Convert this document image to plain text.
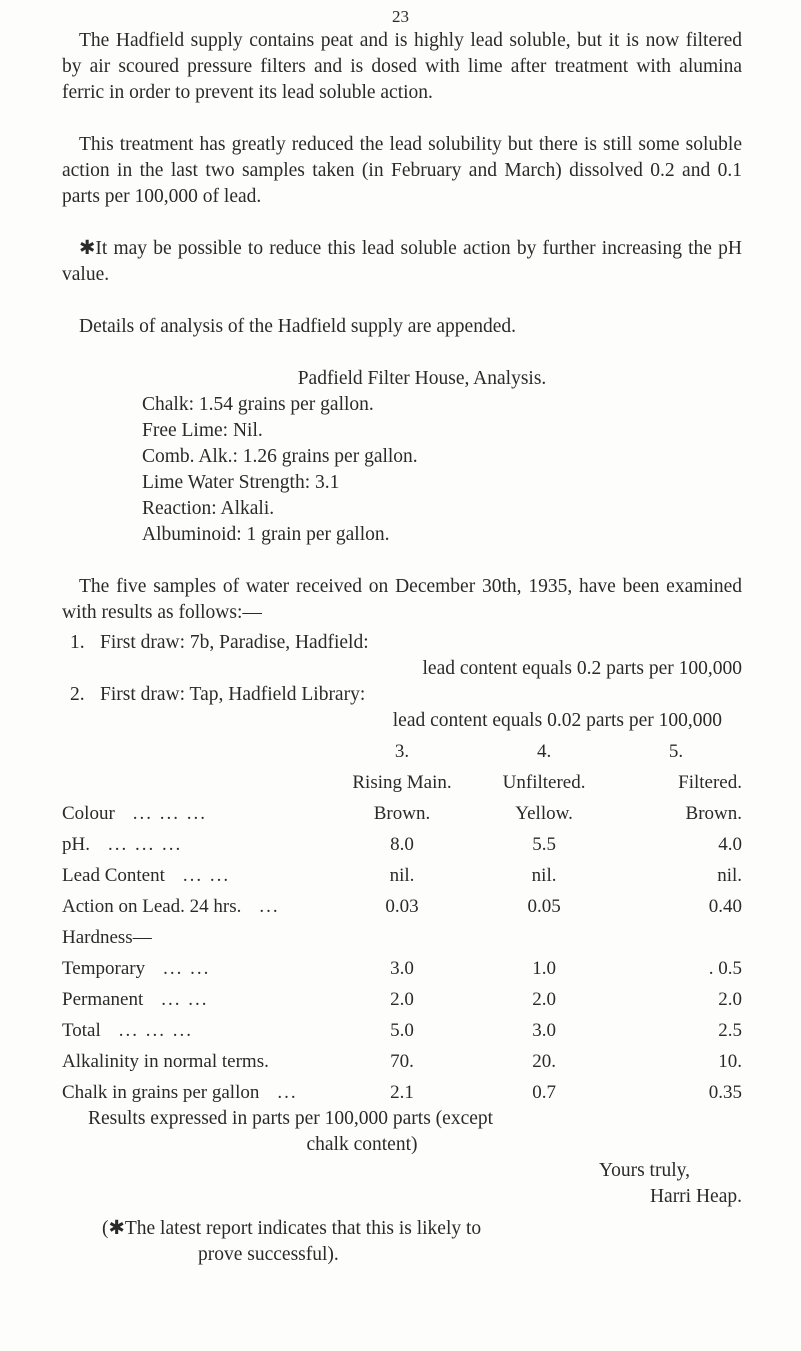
23

The Hadfield supply contains peat and is highly lead soluble, but it is now filtered by air scoured pressure filters and is dosed with lime after treatment with alumina ferric in order to prevent its lead soluble action.

This treatment has greatly reduced the lead solubility but there is still some soluble action in the last two samples taken (in February and March) dissolved 0.2 and 0.1 parts per 100,000 of lead.

✱It may be possible to reduce this lead soluble action by further increasing the pH value.

Details of analysis of the Hadfield supply are appended.

Padfield Filter House, Analysis.

Chalk: 1.54 grains per gallon.

Free Lime: Nil.

Comb. Alk.: 1.26 grains per gallon.

Lime Water Strength: 3.1

Reaction: Alkali.

Albuminoid: 1 grain per gallon.

The five samples of water received on December 30th, 1935, have been examined with results as follows:—

1. First draw: 7b, Paradise, Hadfield:

lead content equals 0.2 parts per 100,000

2. First draw: Tap, Hadfield Library:

lead content equals 0.02 parts per 100,000

	3.	4.	5.
	Rising Main.	Unfiltered.	Filtered.
Colour ... ... ...	Brown.	Yellow.	Brown.
pH. ... ... ...	8.0	5.5	4.0
Lead Content ... ...	nil.	nil.	nil.
Action on Lead. 24 hrs. ...	0.03	0.05	0.40
Hardness—			
Temporary ... ...	3.0	1.0	. 0.5
Permanent ... ...	2.0	2.0	2.0
Total ... ... ...	5.0	3.0	2.5
Alkalinity in normal terms.	70.	20.	10.
Chalk in grains per gallon ...	2.1	0.7	0.35

Results expressed in parts per 100,000 parts (except

chalk content)

Yours truly,

Harri Heap.

(✱The latest report indicates that this is likely to

prove successful).
